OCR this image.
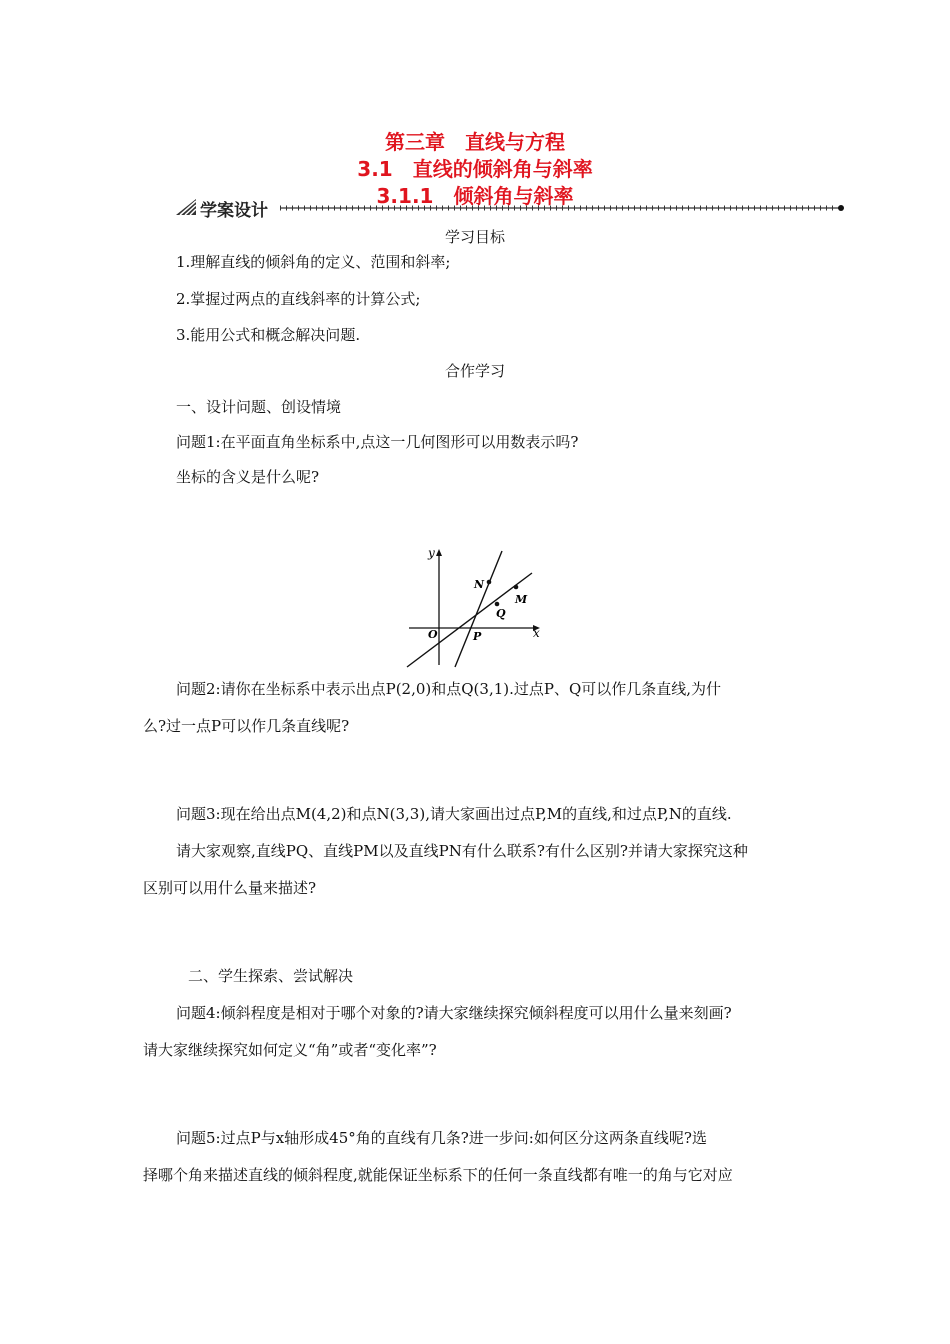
第三章　直线与方程
3.1　直线的倾斜角与斜率
3.1.1　倾斜角与斜率
学案设计
学习目标
1.理解直线的倾斜角的定义、范围和斜率;
2.掌握过两点的直线斜率的计算公式;
3.能用公式和概念解决问题.
合作学习
一、设计问题、创设情境
问题1:在平面直角坐标系中,点这一几何图形可以用数表示吗?
坐标的含义是什么呢?
y
x
O	P
Q
M
N
问题2:请你在坐标系中表示出点P(2,0)和点Q(3,1).过点P、Q可以作几条直线,为什
么?过一点P可以作几条直线呢?
问题3:现在给出点M(4,2)和点N(3,3),请大家画出过点P,M的直线,和过点P,N的直线.
请大家观察,直线PQ、直线PM以及直线PN有什么联系?有什么区别?并请大家探究这种
区别可以用什么量来描述?
二、学生探索、尝试解决
问题4:倾斜程度是相对于哪个对象的?请大家继续探究倾斜程度可以用什么量来刻画?
请大家继续探究如何定义“角”或者“变化率”?
问题5:过点P与x轴形成45°角的直线有几条?进一步问:如何区分这两条直线呢?选
择哪个角来描述直线的倾斜程度,就能保证坐标系下的任何一条直线都有唯一的角与它对应
